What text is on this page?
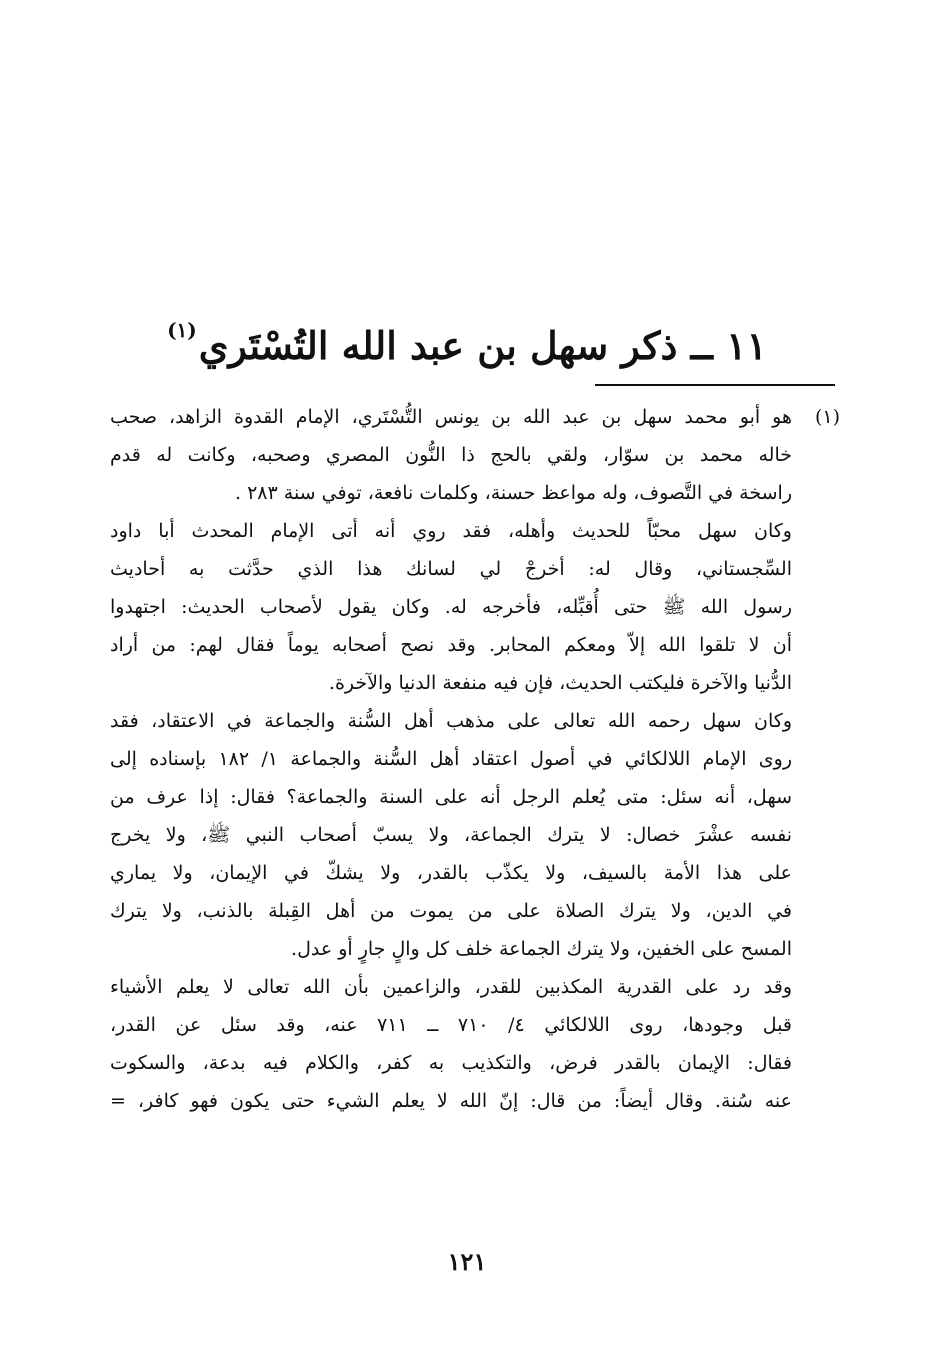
١١ ــ ذكر سهل بن عبد الله التُسْتَري$^{(١)}$
(١)
هو أبو محمد سهل بن عبد الله بن يونس التُّسْتَري، الإمام القدوة الزاهد، صحب
خاله محمد بن سوّار، ولقي بالحج ذا النُّون المصري وصحبه، وكانت له قدم
راسخة في التَّصوف، وله مواعظ حسنة، وكلمات نافعة، توفي سنة ٢٨٣ .
وكان سهل محبّاً للحديث وأهله، فقد روي أنه أتى الإمام المحدث أبا داود
السِّجستاني، وقال له: أخرجْ لي لسانك هذا الذي حدَّثت به أحاديث
رسول الله ﷺ حتى أُقبِّله، فأخرجه له. وكان يقول لأصحاب الحديث: اجتهدوا
أن لا تلقوا الله إلاّ ومعكم المحابر. وقد نصح أصحابه يوماً فقال لهم: من أراد
الدُّنيا والآخرة فليكتب الحديث، فإن فيه منفعة الدنيا والآخرة.
وكان سهل رحمه الله تعالى على مذهب أهل السُّنة والجماعة في الاعتقاد، فقد
روى الإمام اللالكائي في أصول اعتقاد أهل السُّنة والجماعة ١/ ١٨٢ بإسناده إلى
سهل، أنه سئل: متى يُعلم الرجل أنه على السنة والجماعة؟ فقال: إذا عرف من
نفسه عشْرَ خصال: لا يترك الجماعة، ولا يسبّ أصحاب النبي ﷺ، ولا يخرج
على هذا الأمة بالسيف، ولا يكذّب بالقدر، ولا يشكّ في الإيمان، ولا يماري
في الدين، ولا يترك الصلاة على من يموت من أهل القِبلة بالذنب، ولا يترك
المسح على الخفين، ولا يترك الجماعة خلف كل والٍ جارٍ أو عدل.
وقد رد على القدرية المكذبين للقدر، والزاعمين بأن الله تعالى لا يعلم الأشياء
قبل وجودها، روى اللالكائي ٤/ ٧١٠ ــ ٧١١ عنه، وقد سئل عن القدر،
فقال: الإيمان بالقدر فرض، والتكذيب به كفر، والكلام فيه بدعة، والسكوت
عنه سُنة. وقال أيضاً: من قال: إنّ الله لا يعلم الشيء حتى يكون فهو كافر، =
١٢١
